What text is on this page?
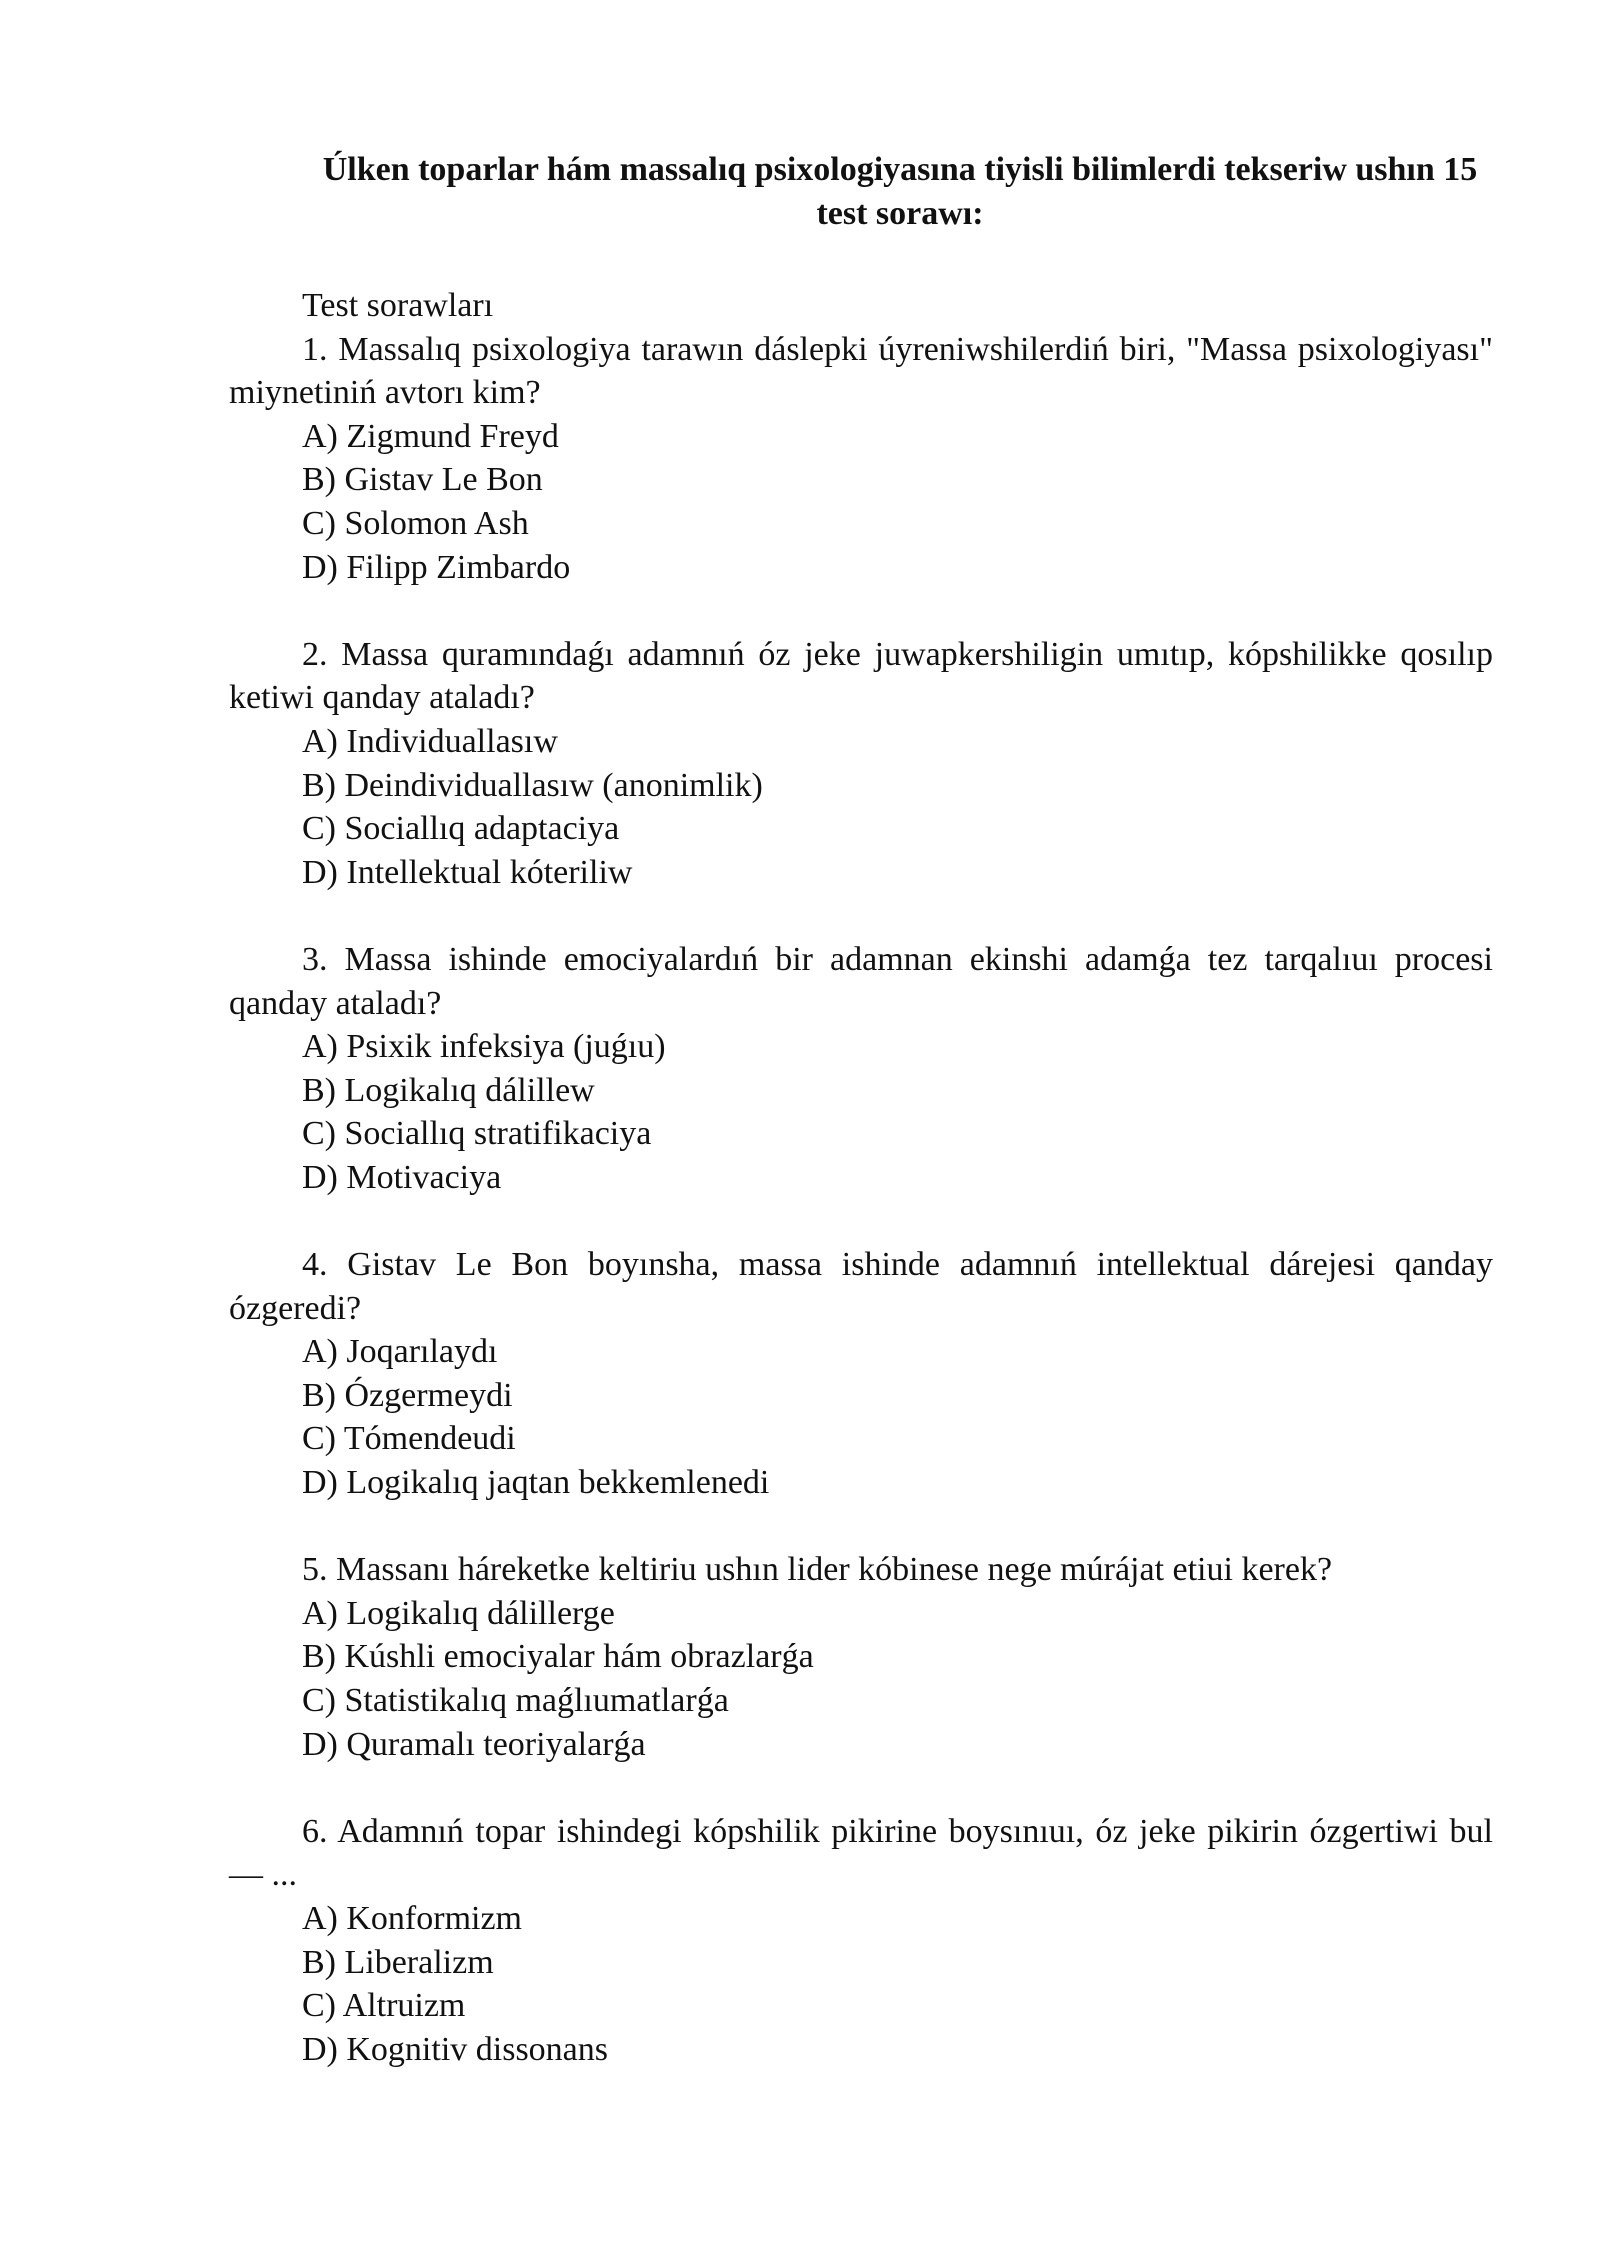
Úlken toparlar hám massalıq psixologiyasına tiyisli bilimlerdi tekseriw ushın 15 test sorawı:
Test sorawları
1. Massalıq psixologiya tarawın dáslepki úyreniwshilerdiń biri, "Massa psixologiyası" miynetiniń avtorı kim?
A) Zigmund Freyd
B) Gistav Le Bon
C) Solomon Ash
D) Filipp Zimbardo
2. Massa quramındaǵı adamnıń óz jeke juwapkershiligin umıtıp, kópshilikke qosılıp ketiwi qanday ataladı?
A) Individuallasıw
B) Deindividuallasıw (anonimlik)
C) Sociallıq adaptaciya
D) Intellektual kóteriliw
3. Massa ishinde emociyalardıń bir adamnan ekinshi adamǵa tez tarqalıuı procesi qanday ataladı?
A) Psixik infeksiya (juǵıu)
B) Logikalıq dálillew
C) Sociallıq stratifikaciya
D) Motivaciya
4. Gistav Le Bon boyınsha, massa ishinde adamnıń intellektual dárejesi qanday ózgeredi?
A) Joqarılaydı
B) Ózgermeydi
C) Tómendeudi
D) Logikalıq jaqtan bekkemlenedi
5. Massanı háreketke keltiriu ushın lider kóbinese nege múrájat etiui kerek?
A) Logikalıq dálillerge
B) Kúshli emociyalar hám obrazlarǵa
C) Statistikalıq maǵlıumatlarǵa
D) Quramalı teoriyalarǵa
6. Adamnıń topar ishindegi kópshilik pikirine boysınıuı, óz jeke pikirin ózgertiwi bul — ...
A) Konformizm
B) Liberalizm
C) Altruizm
D) Kognitiv dissonans
